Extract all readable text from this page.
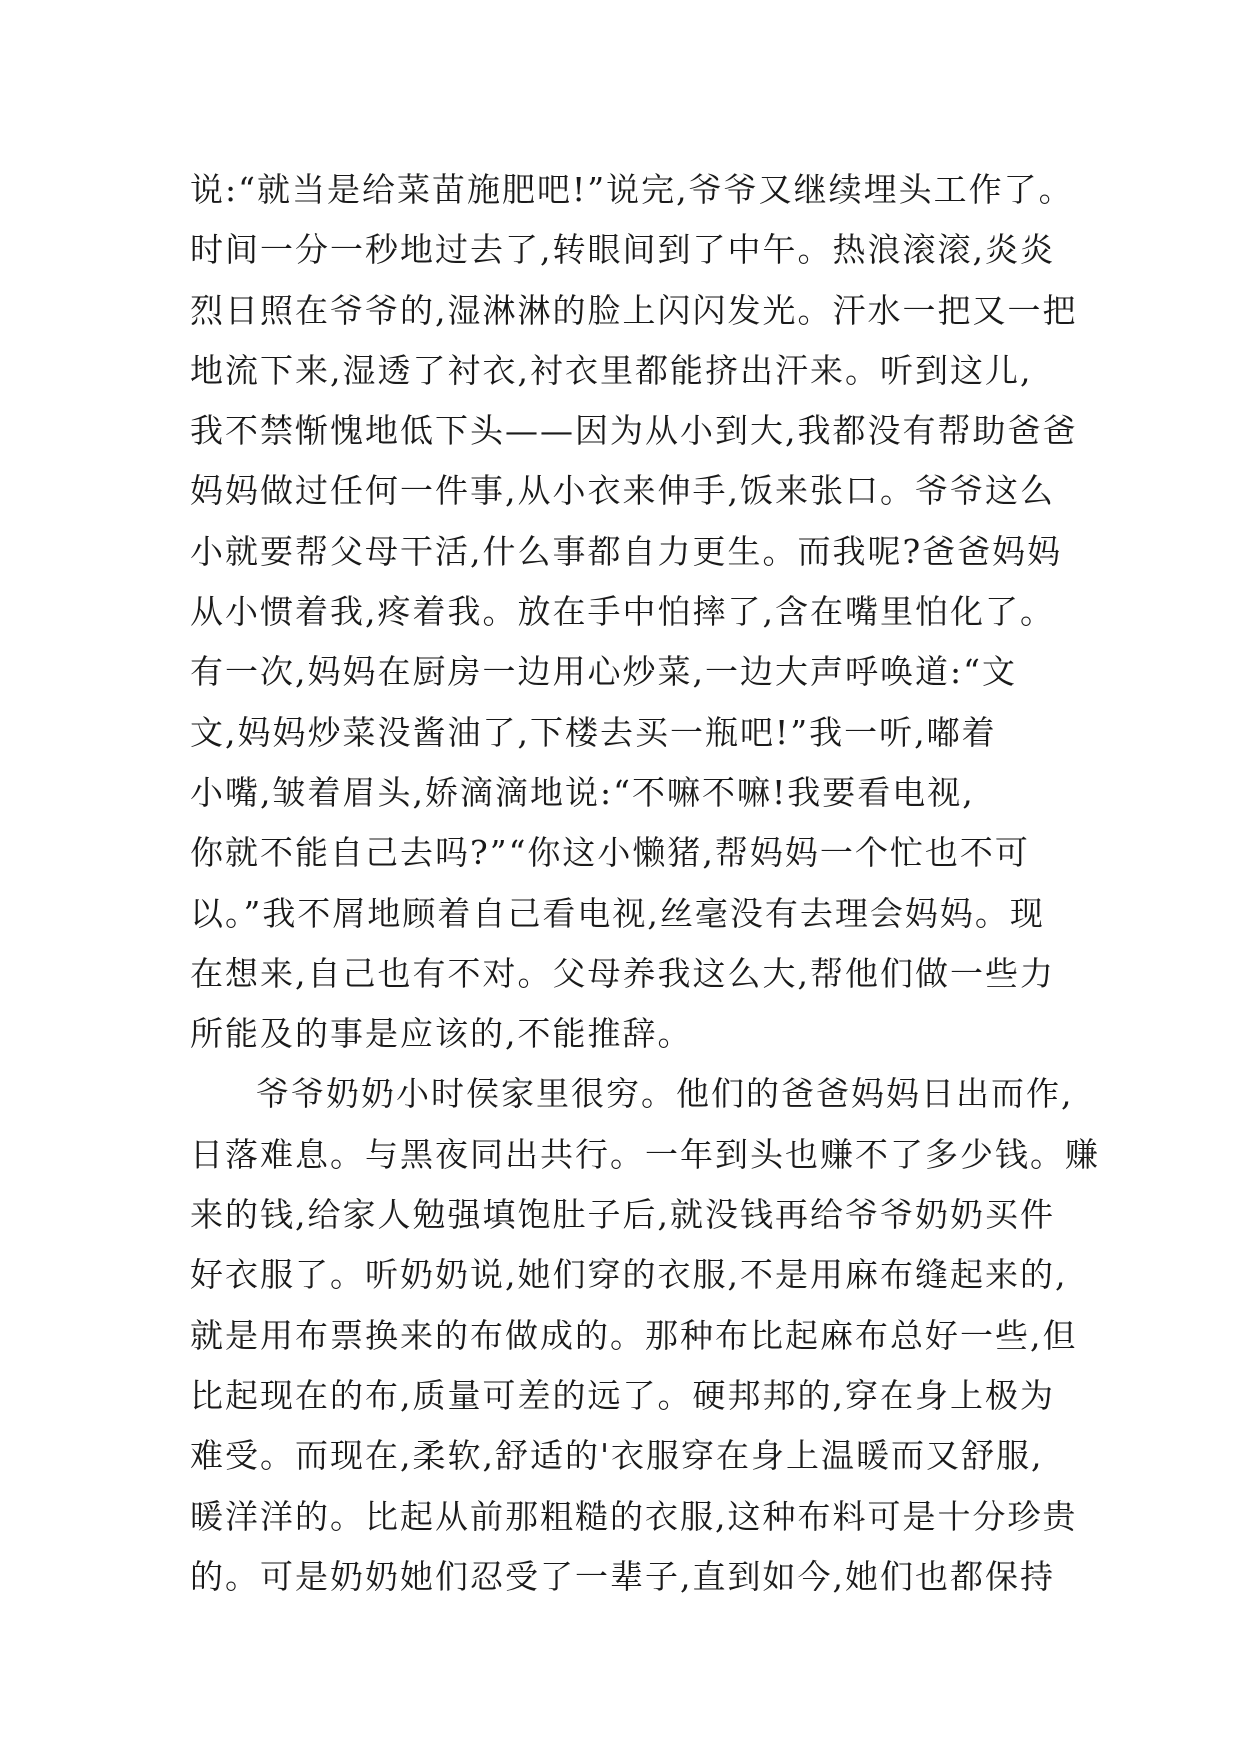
说:“就当是给菜苗施肥吧!”说完,爷爷又继续埋头工作了。
时间一分一秒地过去了,转眼间到了中午。热浪滚滚,炎炎
烈日照在爷爷的,湿淋淋的脸上闪闪发光。汗水一把又一把
地流下来,湿透了衬衣,衬衣里都能挤出汗来。听到这儿,
我不禁惭愧地低下头——因为从小到大,我都没有帮助爸爸
妈妈做过任何一件事,从小衣来伸手,饭来张口。爷爷这么
小就要帮父母干活,什么事都自力更生。而我呢?爸爸妈妈
从小惯着我,疼着我。放在手中怕摔了,含在嘴里怕化了。
有一次,妈妈在厨房一边用心炒菜,一边大声呼唤道:“文
文,妈妈炒菜没酱油了,下楼去买一瓶吧!”我一听,嘟着
小嘴,皱着眉头,娇滴滴地说:“不嘛不嘛!我要看电视,
你就不能自己去吗?”“你这小懒猪,帮妈妈一个忙也不可
以。”我不屑地顾着自己看电视,丝毫没有去理会妈妈。现
在想来,自己也有不对。父母养我这么大,帮他们做一些力
所能及的事是应该的,不能推辞。
爷爷奶奶小时侯家里很穷。他们的爸爸妈妈日出而作,
日落难息。与黑夜同出共行。一年到头也赚不了多少钱。赚
来的钱,给家人勉强填饱肚子后,就没钱再给爷爷奶奶买件
好衣服了。听奶奶说,她们穿的衣服,不是用麻布缝起来的,
就是用布票换来的布做成的。那种布比起麻布总好一些,但
比起现在的布,质量可差的远了。硬邦邦的,穿在身上极为
难受。而现在,柔软,舒适的'衣服穿在身上温暖而又舒服,
暖洋洋的。比起从前那粗糙的衣服,这种布料可是十分珍贵
的。可是奶奶她们忍受了一辈子,直到如今,她们也都保持
